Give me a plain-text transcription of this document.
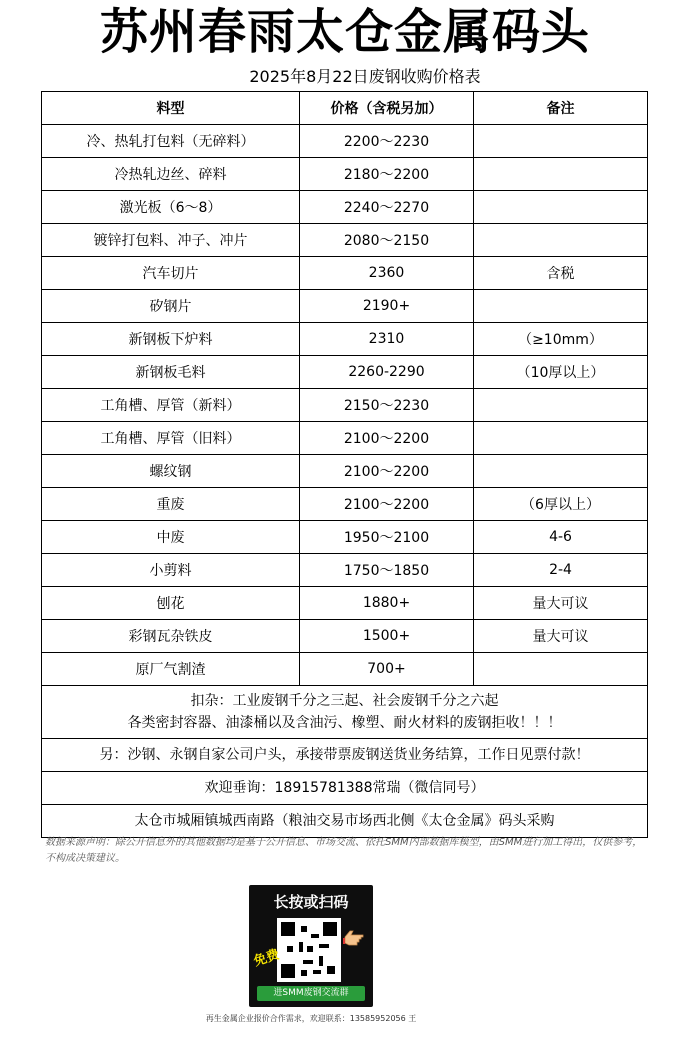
苏州春雨太仓金属码头
2025年8月22日废钢收购价格表
料型	价格（含税另加）	备注
冷、热轧打包料（无碎料）	2200～2230	
冷热轧边丝、碎料	2180～2200	
激光板（6～8）	2240～2270	
镀锌打包料、冲子、冲片	2080～2150	
汽车切片	2360	含税
矽钢片	2190+	
新钢板下炉料	2310	（≥10mm）
新钢板毛料	2260-2290	（10厚以上）
工角槽、厚管（新料）	2150～2230	
工角槽、厚管（旧料）	2100～2200	
螺纹钢	2100～2200	
重废	2100～2200	（6厚以上）
中废	1950～2100	4-6
小剪料	1750～1850	2-4
刨花	1880+	量大可议
彩钢瓦杂铁皮	1500+	量大可议
原厂气割渣	700+	

扣杂：工业废钢千分之三起、社会废钢千分之六起
各类密封容器、油漆桶以及含油污、橡塑、耐火材料的废钢拒收！！！		

另：沙钢、永钢自家公司户头，承接带票废钢送货业务结算，工作日见票付款！		
欢迎垂询：18915781388常瑞（微信同号）		
太仓市城厢镇城西南路（粮油交易市场西北侧《太仓金属》码头采购		
数据来源声明：除公开信息外的其他数据均是基于公开信息、市场交流、依托SMM内部数据库模型，由SMM进行加工得出，仅供参考，不构成决策建议。
长按或扫码
免费
进SMM废钢交流群
再生金属企业报价合作需求，欢迎联系：13585952056 王
